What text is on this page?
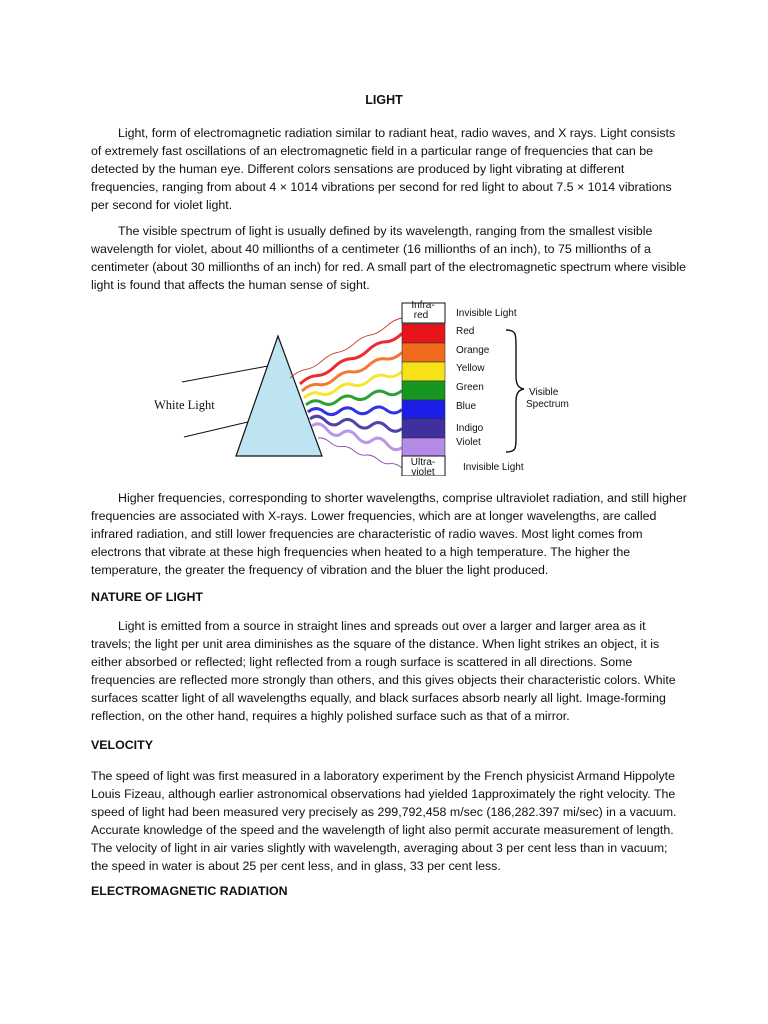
LIGHT

Light, form of electromagnetic radiation similar to radiant heat, radio waves, and X rays. Light consists of extremely fast oscillations of an electromagnetic field in a particular range of frequencies that can be detected by the human eye. Different colors sensations are produced by light vibrating at different frequencies, ranging from about 4 × 1014 vibrations per second for red light to about 7.5 × 1014 vibrations per second for violet light.

The visible spectrum of light is usually defined by its wavelength, ranging from the smallest visible wavelength for violet, about 40 millionths of a centimeter (16 millionths of an inch), to 75 millionths of a centimeter (about 30 millionths of an inch) for red. A small part of the electromagnetic spectrum where visible light is found that affects the human sense of sight.

White Light
Infra-
red
Ultra-
violet
Red
Orange
Yellow
Green
Blue
Indigo
Violet
Invisible Light
Invisible Light
Visible
Spectrum

Higher frequencies, corresponding to shorter wavelengths, comprise ultraviolet radiation, and still higher frequencies are associated with X-rays. Lower frequencies, which are at longer wavelengths, are called infrared radiation, and still lower frequencies are characteristic of radio waves. Most light comes from electrons that vibrate at these high frequencies when heated to a high temperature. The higher the temperature, the greater the frequency of vibration and the bluer the light produced.

NATURE OF LIGHT

Light is emitted from a source in straight lines and spreads out over a larger and larger area as it travels; the light per unit area diminishes as the square of the distance. When light strikes an object, it is either absorbed or reflected; light reflected from a rough surface is scattered in all directions. Some frequencies are reflected more strongly than others, and this gives objects their characteristic colors. White surfaces scatter light of all wavelengths equally, and black surfaces absorb nearly all light. Image-forming reflection, on the other hand, requires a highly polished surface such as that of a mirror.

VELOCITY

The speed of light was first measured in a laboratory experiment by the French physicist Armand Hippolyte Louis Fizeau, although earlier astronomical observations had yielded 1approximately the right velocity. The speed of light had been measured very precisely as 299,792,458 m/sec (186,282.397 mi/sec) in a vacuum. Accurate knowledge of the speed and the wavelength of light also permit accurate measurement of length. The velocity of light in air varies slightly with wavelength, averaging about 3 per cent less than in vacuum; the speed in water is about 25 per cent less, and in glass, 33 per cent less.

ELECTROMAGNETIC RADIATION
